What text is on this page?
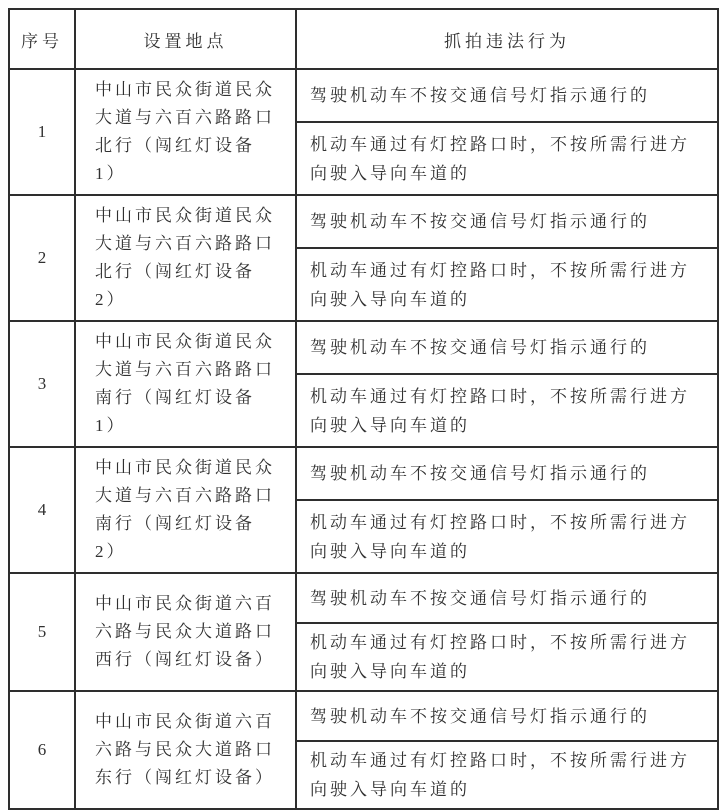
序号	设置地点	抓拍违法行为
1	中山市民众街道民众大道与六百六路路口北行（闯红灯设备 1）	驾驶机动车不按交通信号灯指示通行的
		机动车通过有灯控路口时，不按所需行进方向驶入导向车道的
2	中山市民众街道民众大道与六百六路路口北行（闯红灯设备 2）	驾驶机动车不按交通信号灯指示通行的
		机动车通过有灯控路口时，不按所需行进方向驶入导向车道的
3	中山市民众街道民众大道与六百六路路口南行（闯红灯设备 1）	驾驶机动车不按交通信号灯指示通行的
		机动车通过有灯控路口时，不按所需行进方向驶入导向车道的
4	中山市民众街道民众大道与六百六路路口南行（闯红灯设备 2）	驾驶机动车不按交通信号灯指示通行的
		机动车通过有灯控路口时，不按所需行进方向驶入导向车道的
5	中山市民众街道六百六路与民众大道路口西行（闯红灯设备）	驾驶机动车不按交通信号灯指示通行的
		机动车通过有灯控路口时，不按所需行进方向驶入导向车道的
6	中山市民众街道六百六路与民众大道路口东行（闯红灯设备）	驾驶机动车不按交通信号灯指示通行的
		机动车通过有灯控路口时，不按所需行进方向驶入导向车道的
